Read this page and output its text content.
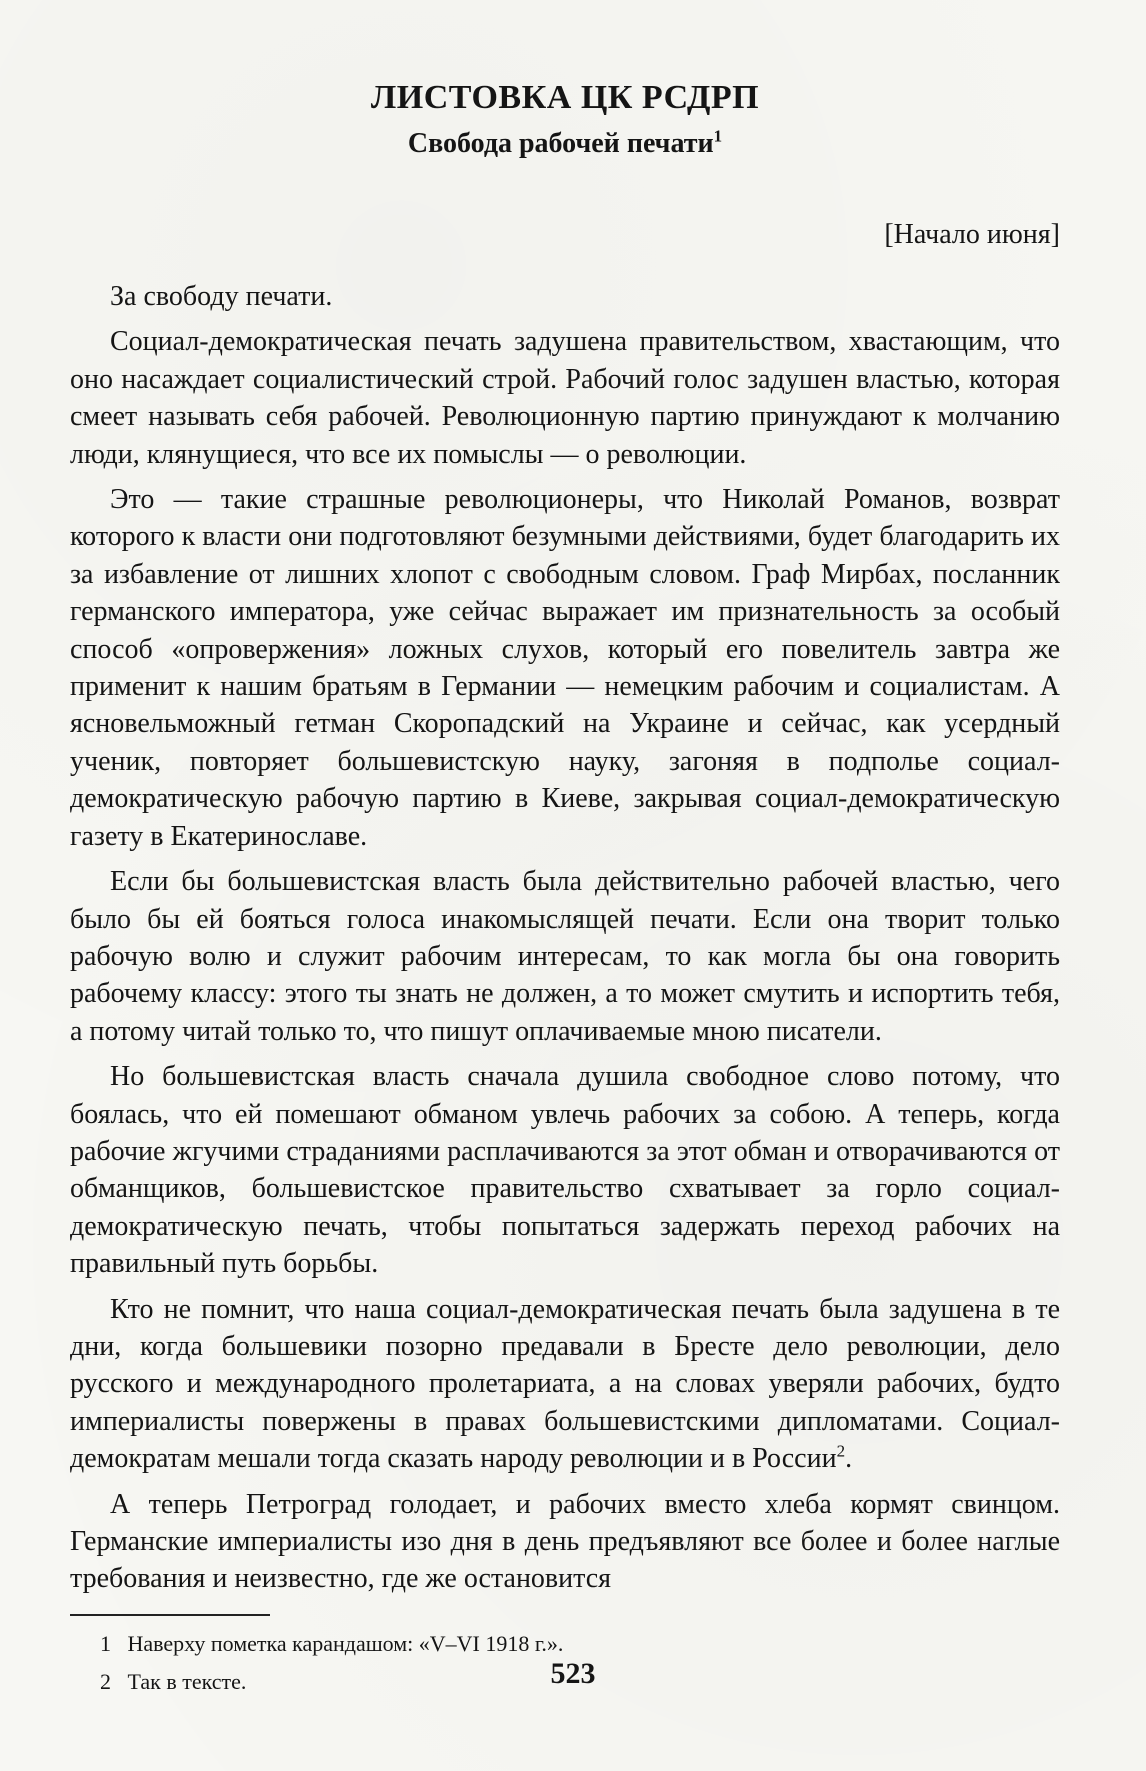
ЛИСТОВКА ЦК РСДРП
Свобода рабочей печати$^1$
[Начало июня]

За свободу печати.

Социал-демократическая печать задушена правительством, хвастающим, что оно насаждает социалистический строй. Рабочий голос задушен властью, которая смеет называть себя рабочей. Революционную партию принуждают к молчанию люди, клянущиеся, что все их помыслы — о революции.

Это — такие страшные революционеры, что Николай Романов, возврат которого к власти они подготовляют безумными действиями, будет благодарить их за избавление от лишних хлопот с свободным словом. Граф Мирбах, посланник германского императора, уже сейчас выражает им признательность за особый способ «опровержения» ложных слухов, который его повелитель завтра же применит к нашим братьям в Германии — немецким рабочим и социалистам. А ясновельможный гетман Скоропадский на Украине и сейчас, как усердный ученик, повторяет большевистскую науку, загоняя в подполье социал-демократическую рабочую партию в Киеве, закрывая социал-демократическую газету в Екатеринославе.

Если бы большевистская власть была действительно рабочей властью, чего было бы ей бояться голоса инакомыслящей печати. Если она творит только рабочую волю и служит рабочим интересам, то как могла бы она говорить рабочему классу: этого ты знать не должен, а то может смутить и испортить тебя, а потому читай только то, что пишут оплачиваемые мною писатели.

Но большевистская власть сначала душила свободное слово потому, что боялась, что ей помешают обманом увлечь рабочих за собою. А теперь, когда рабочие жгучими страданиями расплачиваются за этот обман и отворачиваются от обманщиков, большевистское правительство схватывает за горло социал-демократическую печать, чтобы попытаться задержать переход рабочих на правильный путь борьбы.

Кто не помнит, что наша социал-демократическая печать была задушена в те дни, когда большевики позорно предавали в Бресте дело революции, дело русского и международного пролетариата, а на словах уверяли рабочих, будто империалисты повержены в правах большевистскими дипломатами. Социал-демократам мешали тогда сказать народу революции и в России$^2$.

А теперь Петроград голодает, и рабочих вместо хлеба кормят свинцом. Германские империалисты изо дня в день предъявляют все более и более наглые требования и неизвестно, где же остановится

1 Наверху пометка карандашом: «V–VI 1918 г.».

2 Так в тексте.	523
